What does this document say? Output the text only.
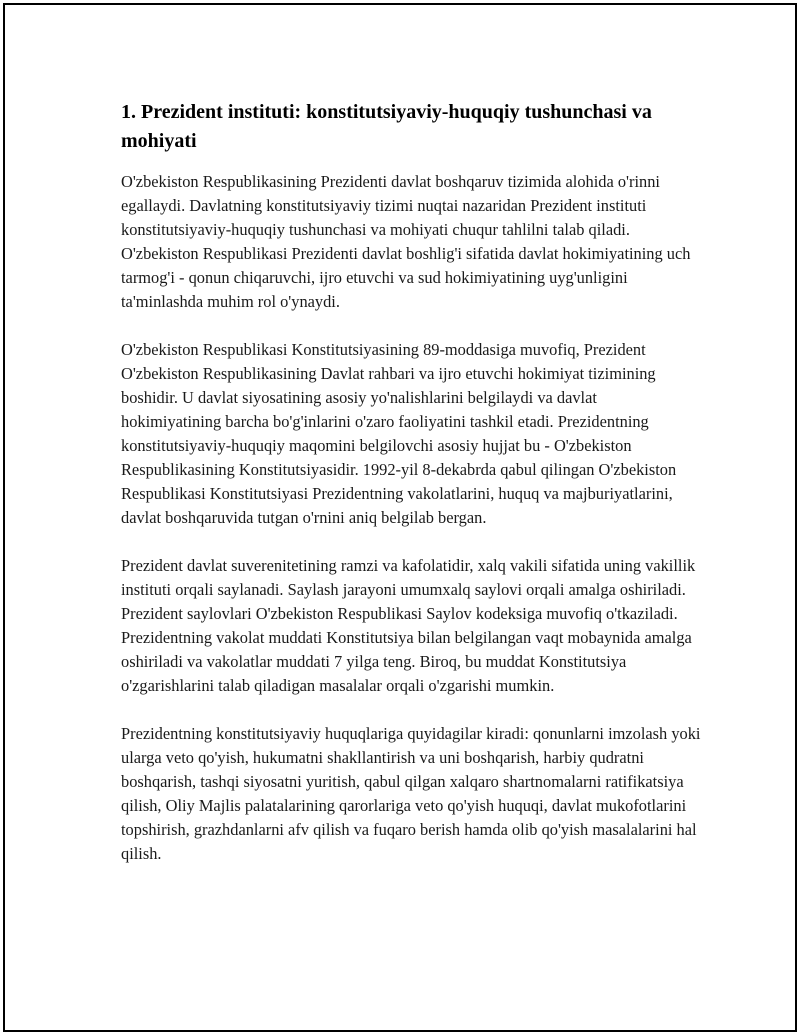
1. Prezident instituti: konstitutsiyaviy-huquqiy tushunchasi va mohiyati

O'zbekiston Respublikasining Prezidenti davlat boshqaruv tizimida alohida o'rinni egallaydi. Davlatning konstitutsiyaviy tizimi nuqtai nazaridan Prezident instituti konstitutsiyaviy-huquqiy tushunchasi va mohiyati chuqur tahlilni talab qiladi. O'zbekiston Respublikasi Prezidenti davlat boshlig'i sifatida davlat hokimiyatining uch tarmog'i - qonun chiqaruvchi, ijro etuvchi va sud hokimiyatining uyg'unligini ta'minlashda muhim rol o'ynaydi.

O'zbekiston Respublikasi Konstitutsiyasining 89-moddasiga muvofiq, Prezident O'zbekiston Respublikasining Davlat rahbari va ijro etuvchi hokimiyat tizimining boshidir. U davlat siyosatining asosiy yo'nalishlarini belgilaydi va davlat hokimiyatining barcha bo'g'inlarini o'zaro faoliyatini tashkil etadi. Prezidentning konstitutsiyaviy-huquqiy maqomini belgilovchi asosiy hujjat bu - O'zbekiston Respublikasining Konstitutsiyasidir. 1992-yil 8-dekabrda qabul qilingan O'zbekiston Respublikasi Konstitutsiyasi Prezidentning vakolatlarini, huquq va majburiyatlarini, davlat boshqaruvida tutgan o'rnini aniq belgilab bergan.

Prezident davlat suverenitetining ramzi va kafolatidir, xalq vakili sifatida uning vakillik instituti orqali saylanadi. Saylash jarayoni umumxalq saylovi orqali amalga oshiriladi. Prezident saylovlari O'zbekiston Respublikasi Saylov kodeksiga muvofiq o'tkaziladi. Prezidentning vakolat muddati Konstitutsiya bilan belgilangan vaqt mobaynida amalga oshiriladi va vakolatlar muddati 7 yilga teng. Biroq, bu muddat Konstitutsiya o'zgarishlarini talab qiladigan masalalar orqali o'zgarishi mumkin.

Prezidentning konstitutsiyaviy huquqlariga quyidagilar kiradi: qonunlarni imzolash yoki ularga veto qo'yish, hukumatni shakllantirish va uni boshqarish, harbiy qudratni boshqarish, tashqi siyosatni yuritish, qabul qilgan xalqaro shartnomalarni ratifikatsiya qilish, Oliy Majlis palatalarining qarorlariga veto qo'yish huquqi, davlat mukofotlarini topshirish, grazhdanlarni afv qilish va fuqaro berish hamda olib qo'yish masalalarini hal qilish.
